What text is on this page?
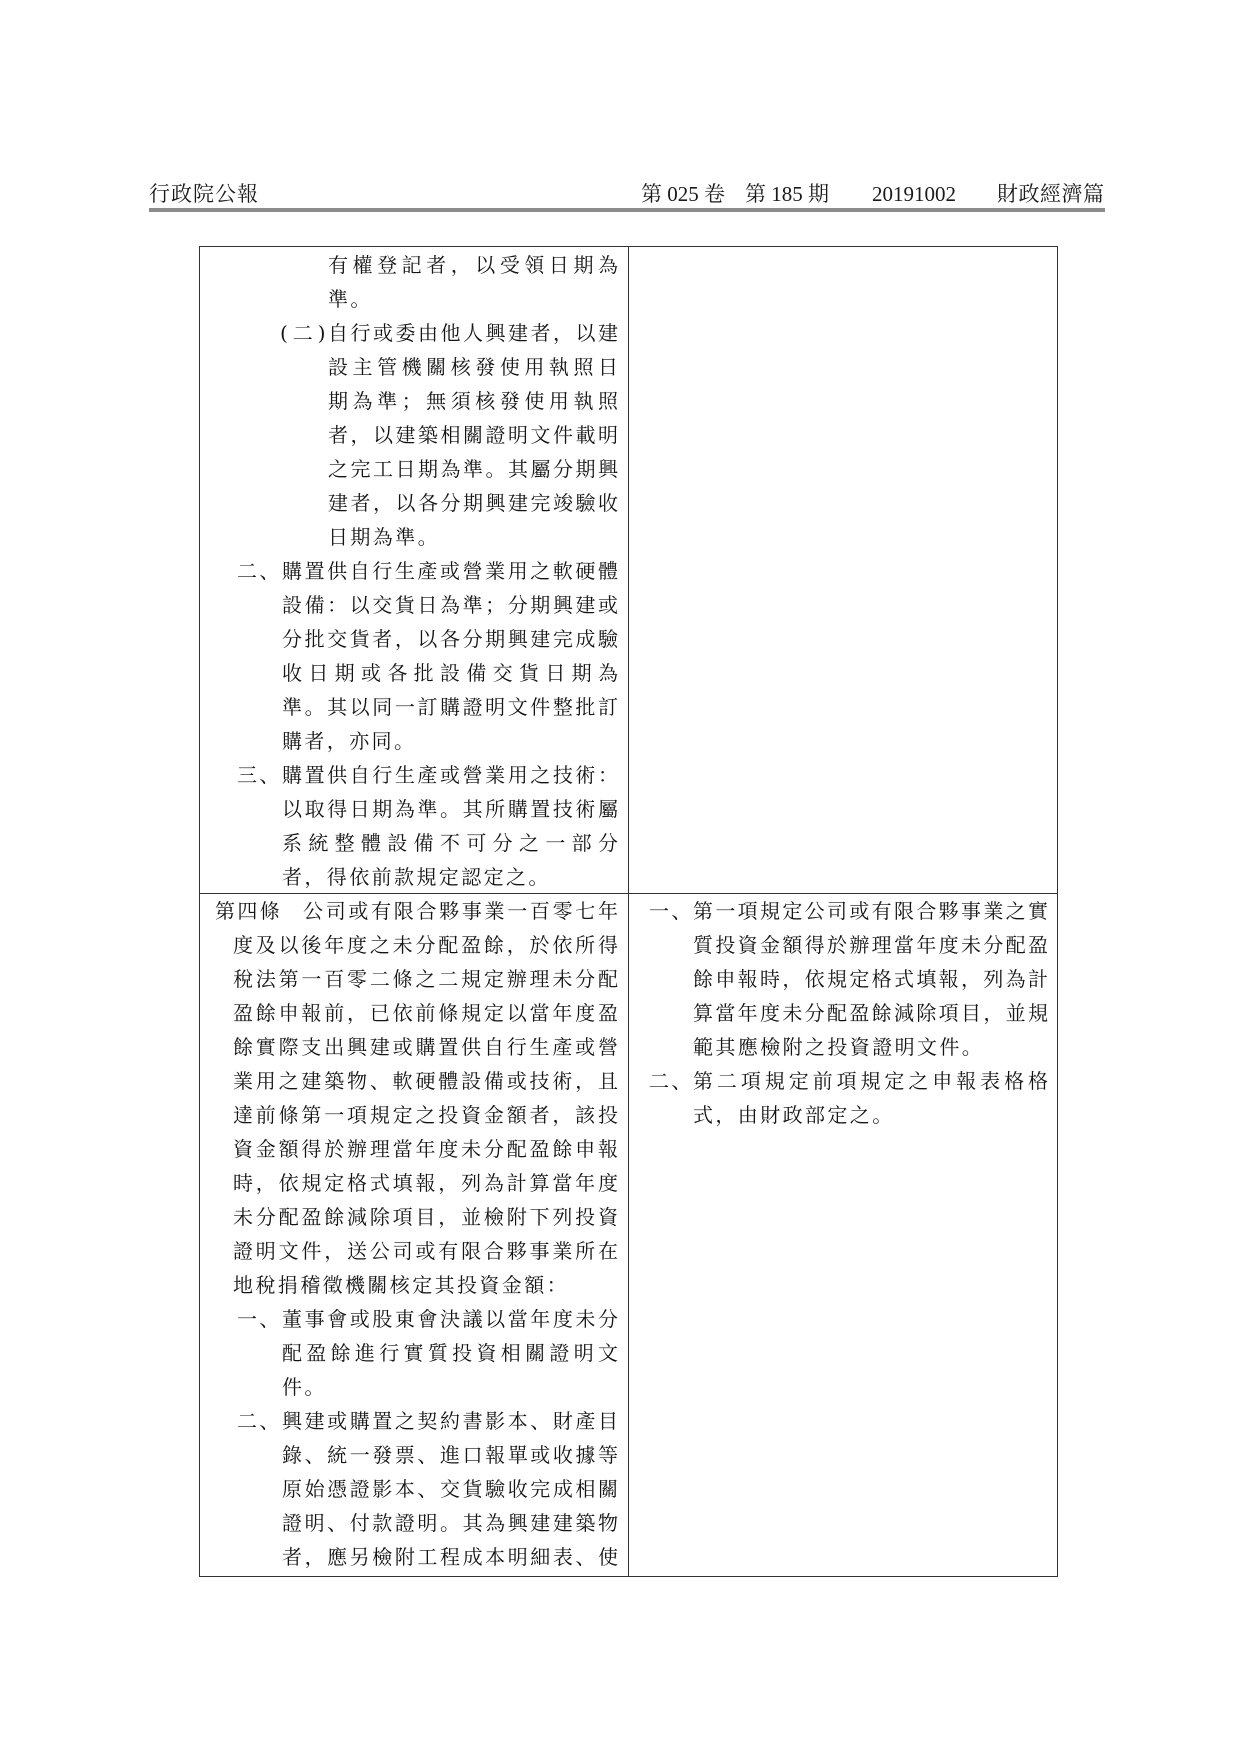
行政院公報	第 025 卷 第 185 期 20191002 財政經濟篇
有權登記者，以受領日期為
準。
(二)
自行或委由他人興建者，以建
設主管機關核發使用執照日
期為準；無須核發使用執照
者，以建築相關證明文件載明
之完工日期為準。其屬分期興
建者，以各分期興建完竣驗收
日期為準。
二、 購置供自行生產或營業用之軟硬體
設備：以交貨日為準；分期興建或
分批交貨者，以各分期興建完成驗
收日期或各批設備交貨日期為
準。其以同一訂購證明文件整批訂
購者，亦同。
三、 購置供自行生產或營業用之技術：
以取得日期為準。其所購置技術屬
系統整體設備不可分之一部分
者，得依前款規定認定之。
第四條 公司或有限合夥事業一百零七年
度及以後年度之未分配盈餘，於依所得
稅法第一百零二條之二規定辦理未分配
盈餘申報前，已依前條規定以當年度盈
餘實際支出興建或購置供自行生產或營
業用之建築物、軟硬體設備或技術，且
達前條第一項規定之投資金額者，該投
資金額得於辦理當年度未分配盈餘申報
時，依規定格式填報，列為計算當年度
未分配盈餘減除項目，並檢附下列投資
證明文件，送公司或有限合夥事業所在
地稅捐稽徵機關核定其投資金額：
一、 董事會或股東會決議以當年度未分
配盈餘進行實質投資相關證明文
件。
二、 興建或購置之契約書影本、財產目
錄、統一發票、進口報單或收據等
原始憑證影本、交貨驗收完成相關
證明、付款證明。其為興建建築物
者，應另檢附工程成本明細表、使
一、 第一項規定公司或有限合夥事業之實
質投資金額得於辦理當年度未分配盈
餘申報時，依規定格式填報，列為計
算當年度未分配盈餘減除項目，並規
範其應檢附之投資證明文件。
二、 第二項規定前項規定之申報表格格
式，由財政部定之。
